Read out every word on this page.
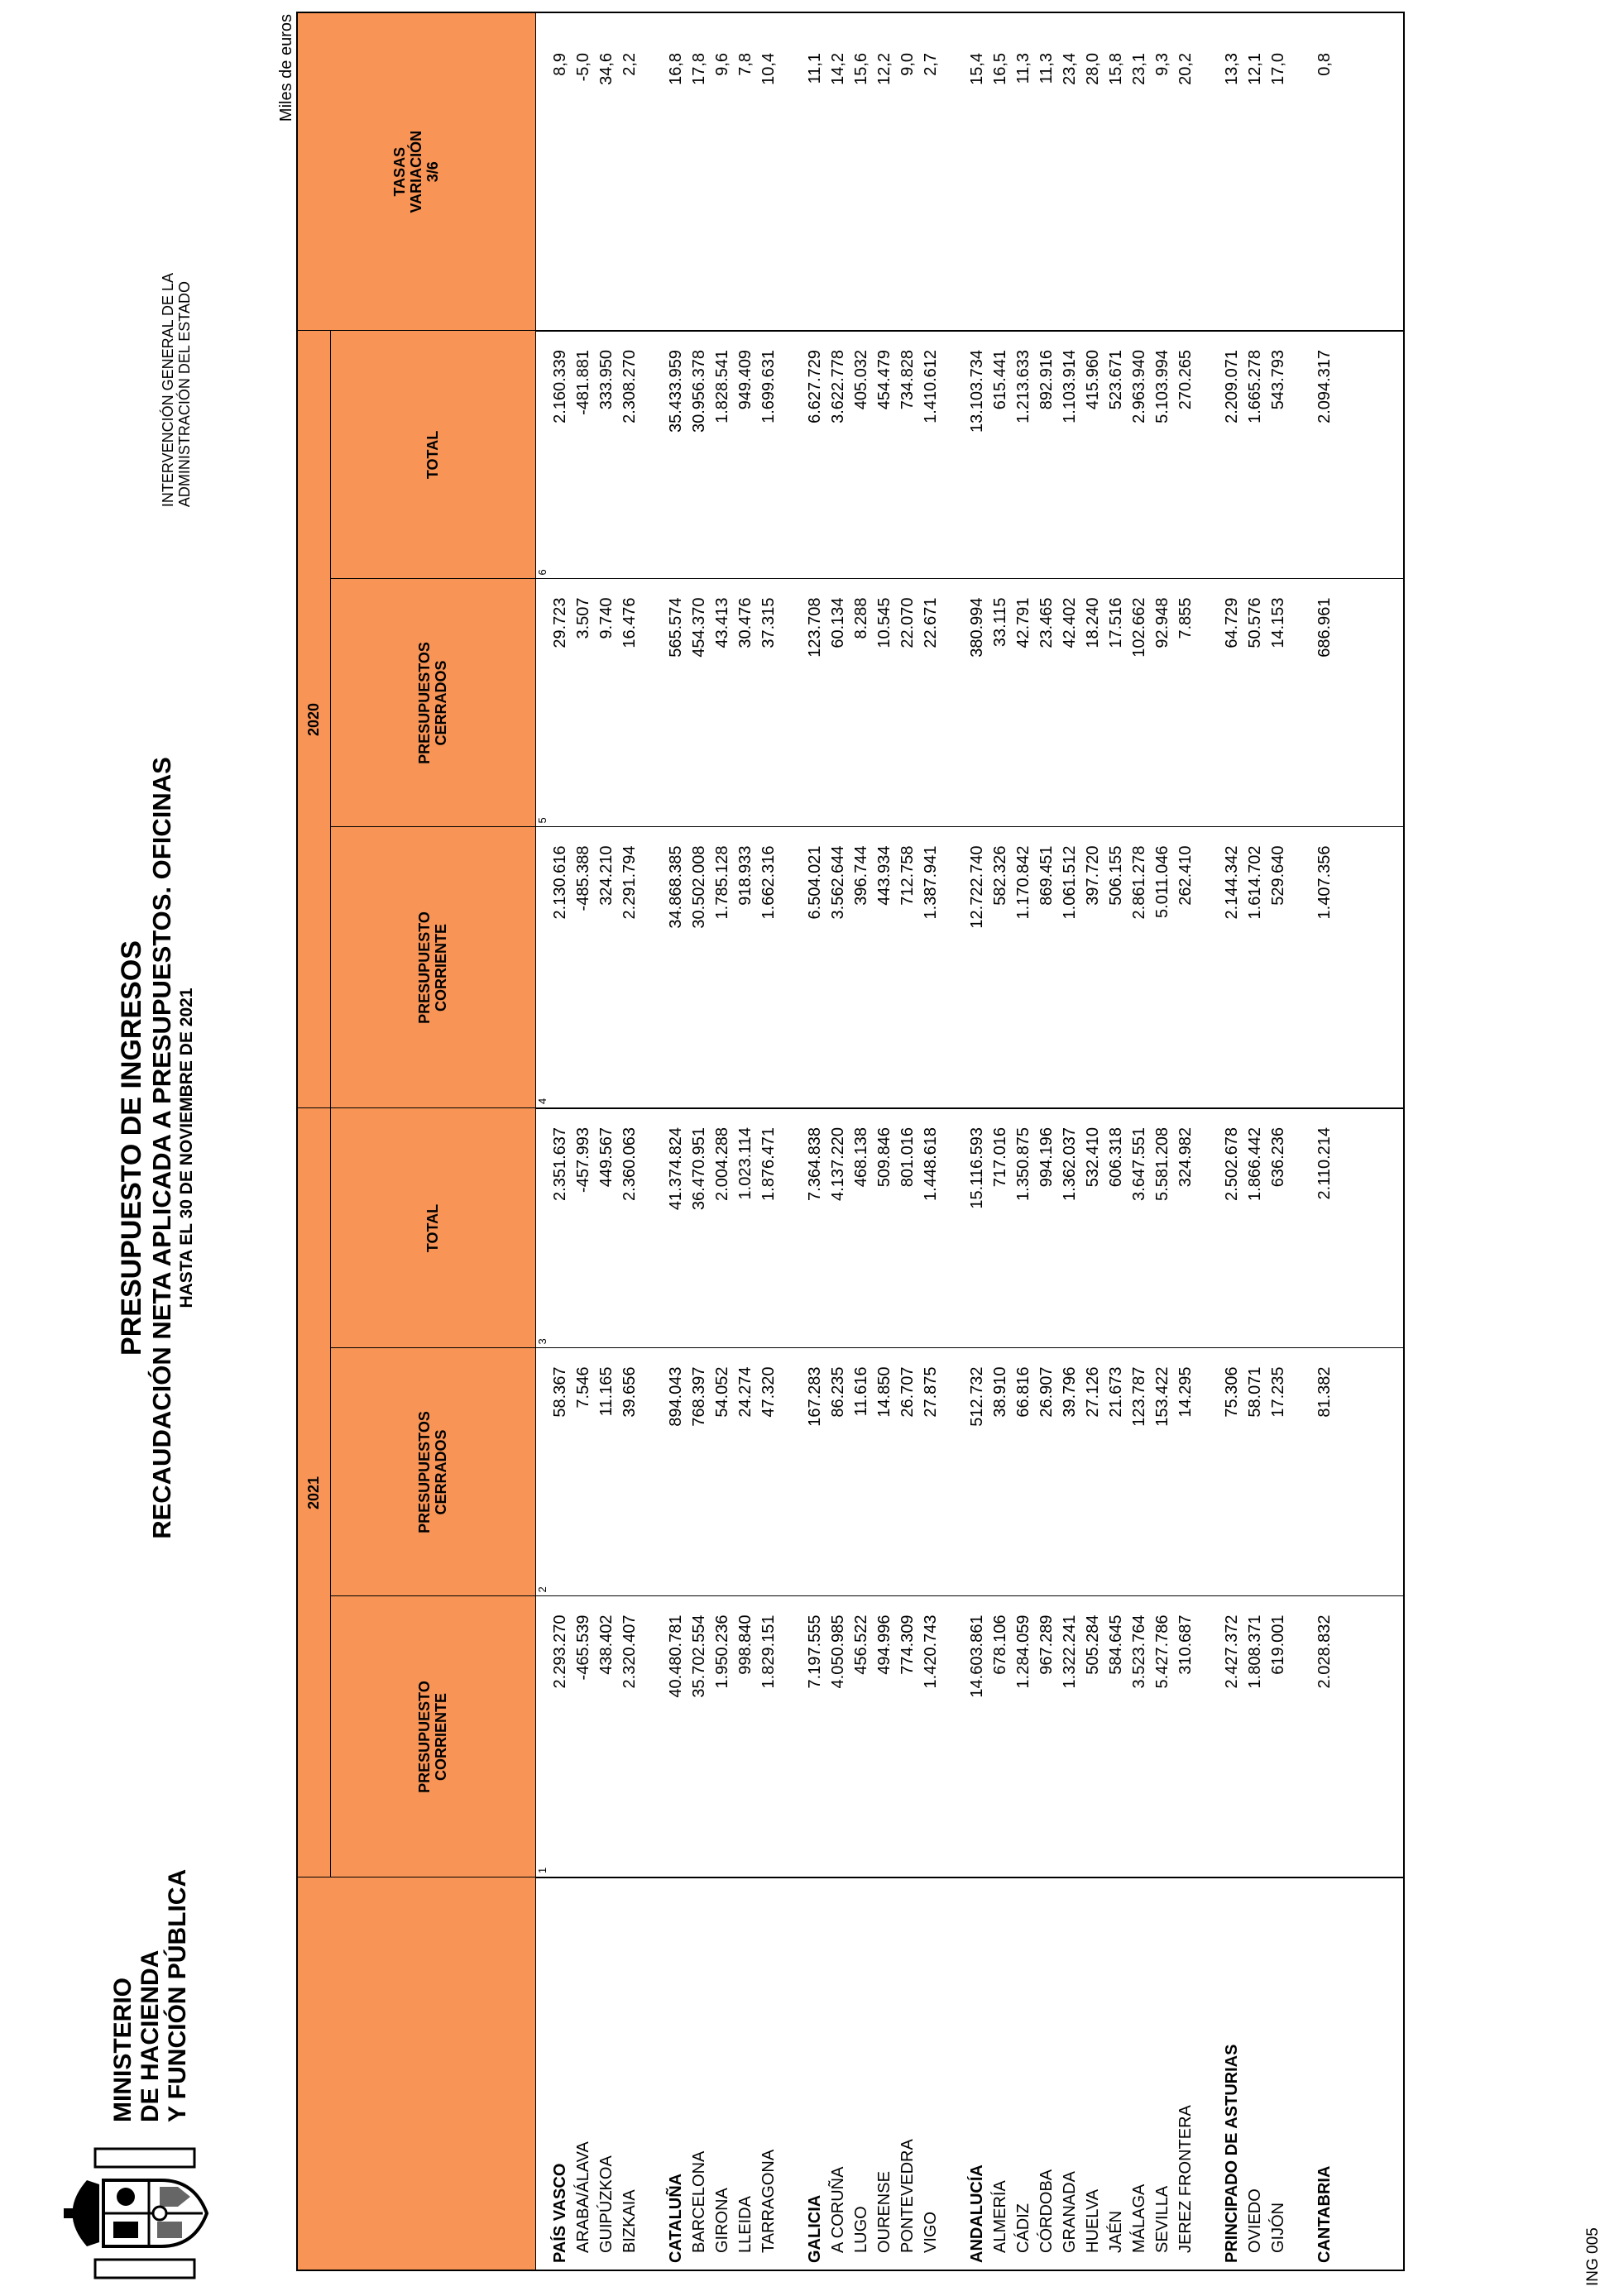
MINISTERIO DE HACIENDA Y FUNCIÓN PÚBLICA
PRESUPUESTO DE INGRESOS RECAUDACIÓN NETA APLICADA A PRESUPUESTOS. OFICINAS HASTA EL 30 DE NOVIEMBRE DE 2021
INTERVENCIÓN GENERAL DE LA ADMINISTRACIÓN DEL ESTADO
Miles de euros
	2021			2020			TASAS VARIACIÓN 3/6
	PRESUPUESTO CORRIENTE	PRESUPUESTOS CERRADOS	TOTAL	PRESUPUESTO CORRIENTE	PRESUPUESTOS CERRADOS	TOTAL	
	1	2	3	4	5	6	
PAÍS VASCO	2.293.270	58.367	2.351.637	2.130.616	29.723	2.160.339	8,9
ARABA/ÁLAVA	-465.539	7.546	-457.993	-485.388	3.507	-481.881	-5,0
GUIPÚZKOA	438.402	11.165	449.567	324.210	9.740	333.950	34,6
BIZKAIA	2.320.407	39.656	2.360.063	2.291.794	16.476	2.308.270	2,2

CATALUÑA	40.480.781	894.043	41.374.824	34.868.385	565.574	35.433.959	16,8
BARCELONA	35.702.554	768.397	36.470.951	30.502.008	454.370	30.956.378	17,8
GIRONA	1.950.236	54.052	2.004.288	1.785.128	43.413	1.828.541	9,6
LLEIDA	998.840	24.274	1.023.114	918.933	30.476	949.409	7,8
TARRAGONA	1.829.151	47.320	1.876.471	1.662.316	37.315	1.699.631	10,4

GALICIA	7.197.555	167.283	7.364.838	6.504.021	123.708	6.627.729	11,1
A CORUÑA	4.050.985	86.235	4.137.220	3.562.644	60.134	3.622.778	14,2
LUGO	456.522	11.616	468.138	396.744	8.288	405.032	15,6
OURENSE	494.996	14.850	509.846	443.934	10.545	454.479	12,2
PONTEVEDRA	774.309	26.707	801.016	712.758	22.070	734.828	9,0
VIGO	1.420.743	27.875	1.448.618	1.387.941	22.671	1.410.612	2,7

ANDALUCÍA	14.603.861	512.732	15.116.593	12.722.740	380.994	13.103.734	15,4
ALMERÍA	678.106	38.910	717.016	582.326	33.115	615.441	16,5
CÁDIZ	1.284.059	66.816	1.350.875	1.170.842	42.791	1.213.633	11,3
CÓRDOBA	967.289	26.907	994.196	869.451	23.465	892.916	11,3
GRANADA	1.322.241	39.796	1.362.037	1.061.512	42.402	1.103.914	23,4
HUELVA	505.284	27.126	532.410	397.720	18.240	415.960	28,0
JAÉN	584.645	21.673	606.318	506.155	17.516	523.671	15,8
MÁLAGA	3.523.764	123.787	3.647.551	2.861.278	102.662	2.963.940	23,1
SEVILLA	5.427.786	153.422	5.581.208	5.011.046	92.948	5.103.994	9,3
JEREZ FRONTERA	310.687	14.295	324.982	262.410	7.855	270.265	20,2

PRINCIPADO DE ASTURIAS	2.427.372	75.306	2.502.678	2.144.342	64.729	2.209.071	13,3
OVIEDO	1.808.371	58.071	1.866.442	1.614.702	50.576	1.665.278	12,1
GIJÓN	619.001	17.235	636.236	529.640	14.153	543.793	17,0

CANTABRIA	2.028.832	81.382	2.110.214	1.407.356	686.961	2.094.317	0,8

ING 005
